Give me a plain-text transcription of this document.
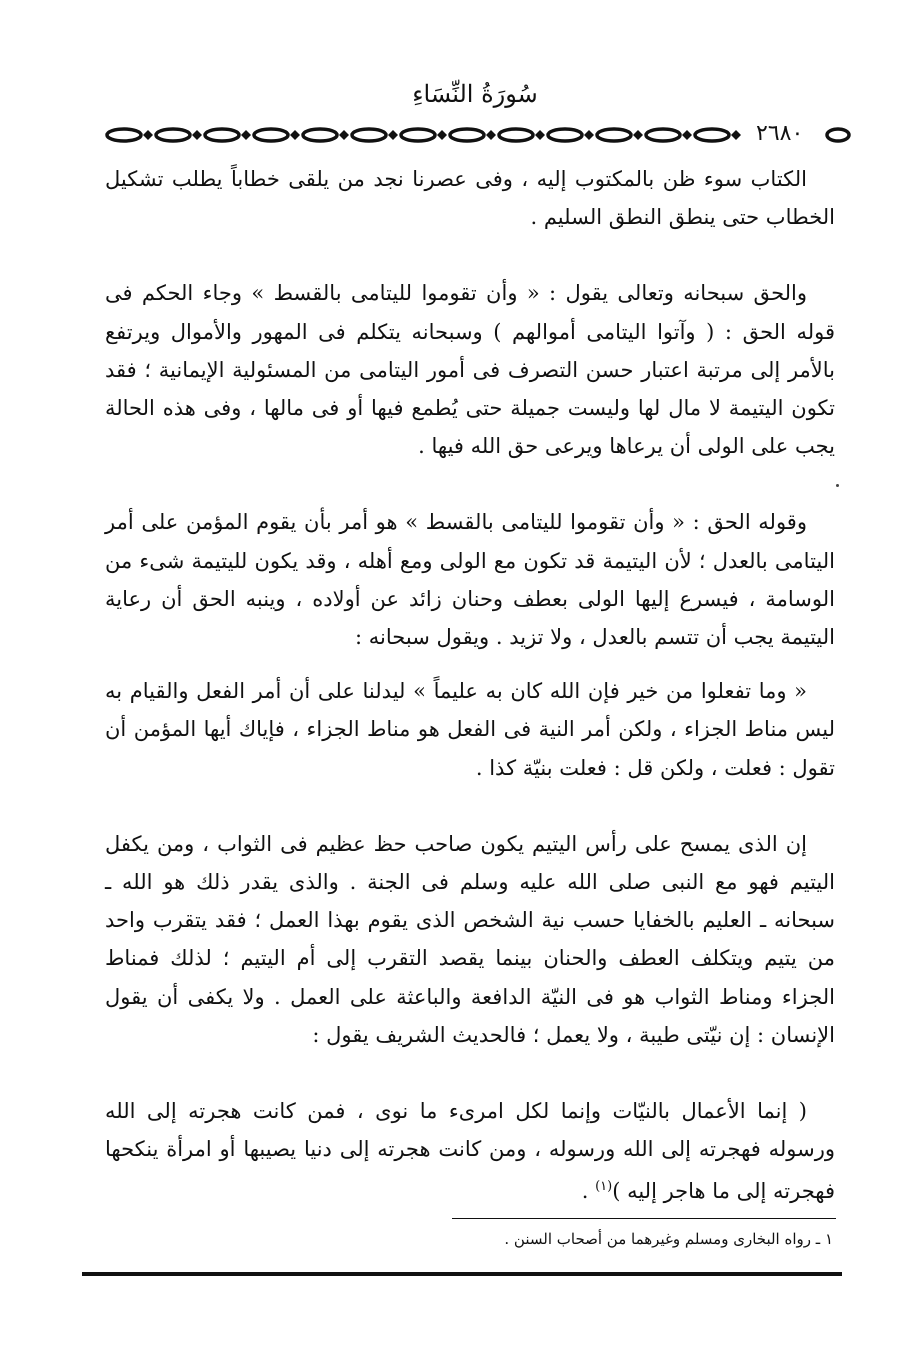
سُورَةُ النِّسَاءِ
٢٦٨٠

الكتاب سوء ظن بالمكتوب إليه ، وفى عصرنا نجد من يلقى خطاباً يطلب تشكيل الخطاب حتى ينطق النطق السليم .

والحق سبحانه وتعالى يقول : « وأن تقوموا لليتامى بالقسط » وجاء الحكم فى قوله الحق : ( وآتوا اليتامى أموالهم ) وسبحانه يتكلم فى المهور والأموال ويرتفع بالأمر إلى مرتبة اعتبار حسن التصرف فى أمور اليتامى من المسئولية الإيمانية ؛ فقد تكون اليتيمة لا مال لها وليست جميلة حتى يُطمع فيها أو فى مالها ، وفى هذه الحالة يجب على الولى أن يرعاها ويرعى حق الله فيها .

وقوله الحق : « وأن تقوموا لليتامى بالقسط » هو أمر بأن يقوم المؤمن على أمر اليتامى بالعدل ؛ لأن اليتيمة قد تكون مع الولى ومع أهله ، وقد يكون لليتيمة شىء من الوسامة ، فيسرع إليها الولى بعطف وحنان زائد عن أولاده ، وينبه الحق أن رعاية اليتيمة يجب أن تتسم بالعدل ، ولا تزيد . ويقول سبحانه :

« وما تفعلوا من خير فإن الله كان به عليماً » ليدلنا على أن أمر الفعل والقيام به ليس مناط الجزاء ، ولكن أمر النية فى الفعل هو مناط الجزاء ، فإياك أيها المؤمن أن تقول : فعلت ، ولكن قل : فعلت بنيّة كذا .

إن الذى يمسح على رأس اليتيم يكون صاحب حظ عظيم فى الثواب ، ومن يكفل اليتيم فهو مع النبى صلى الله عليه وسلم فى الجنة . والذى يقدر ذلك هو الله ـ سبحانه ـ العليم بالخفايا حسب نية الشخص الذى يقوم بهذا العمل ؛ فقد يتقرب واحد من يتيم ويتكلف العطف والحنان بينما يقصد التقرب إلى أم اليتيم ؛ لذلك فمناط الجزاء ومناط الثواب هو فى النيّة الدافعة والباعثة على العمل . ولا يكفى أن يقول الإنسان : إن نيّتى طيبة ، ولا يعمل ؛ فالحديث الشريف يقول :

( إنما الأعمال بالنيّات وإنما لكل امرىء ما نوى ، فمن كانت هجرته إلى الله ورسوله فهجرته إلى الله ورسوله ، ومن كانت هجرته إلى دنيا يصيبها أو امرأة ينكحها فهجرته إلى ما هاجر إليه )$^{(١)}$ .

١ ـ رواه البخارى ومسلم وغيرهما من أصحاب السنن .
